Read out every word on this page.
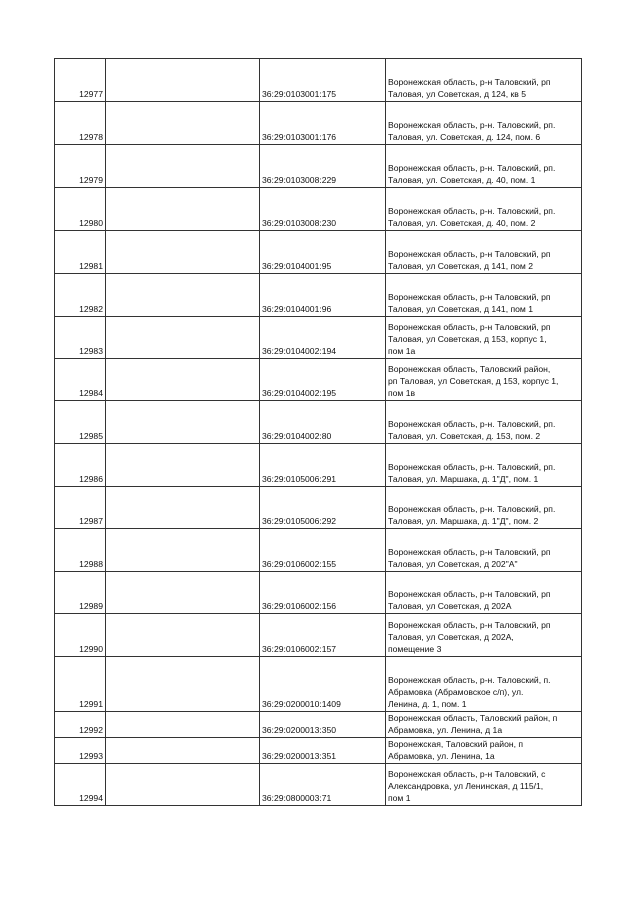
12977		36:29:0103001:175	Воронежская область, р-н Таловский, рп
Таловая, ул Советская, д 124, кв 5
12978		36:29:0103001:176	Воронежская область, р-н. Таловский, рп.
Таловая, ул. Советская, д. 124, пом. 6
12979		36:29:0103008:229	Воронежская область, р-н. Таловский, рп.
Таловая, ул. Советская, д. 40, пом. 1
12980		36:29:0103008:230	Воронежская область, р-н. Таловский, рп.
Таловая, ул. Советская, д. 40, пом. 2
12981		36:29:0104001:95	Воронежская область, р-н Таловский, рп
Таловая, ул Советская, д 141, пом 2
12982		36:29:0104001:96	Воронежская область, р-н Таловский, рп
Таловая, ул Советская, д 141, пом 1
12983		36:29:0104002:194	Воронежская область, р-н Таловский, рп
Таловая, ул Советская, д 153, корпус 1,
пом 1а
12984		36:29:0104002:195	Воронежская область, Таловский район,
рп Таловая, ул Советская, д 153, корпус 1,
пом 1в
12985		36:29:0104002:80	Воронежская область, р-н. Таловский, рп.
Таловая, ул. Советская, д. 153, пом. 2
12986		36:29:0105006:291	Воронежская область, р-н. Таловский, рп.
Таловая, ул. Маршака, д. 1"Д", пом. 1
12987		36:29:0105006:292	Воронежская область, р-н. Таловский, рп.
Таловая, ул. Маршака, д. 1"Д", пом. 2
12988		36:29:0106002:155	Воронежская область, р-н Таловский, рп
Таловая, ул Советская, д 202"А"
12989		36:29:0106002:156	Воронежская область, р-н Таловский, рп
Таловая, ул Советская, д 202А
12990		36:29:0106002:157	Воронежская область, р-н Таловский, рп
Таловая, ул Советская, д 202А,
помещение 3
12991		36:29:0200010:1409	Воронежская область, р-н. Таловский, п.
Абрамовка (Абрамовское с/п), ул.
Ленина, д. 1, пом. 1
12992		36:29:0200013:350	Воронежская область, Таловский район, п
Абрамовка, ул. Ленина, д 1а
12993		36:29:0200013:351	Воронежская, Таловский район, п
Абрамовка, ул. Ленина, 1а
12994		36:29:0800003:71	Воронежская область, р-н Таловский, с
Александровка, ул Ленинская, д 115/1,
пом 1
